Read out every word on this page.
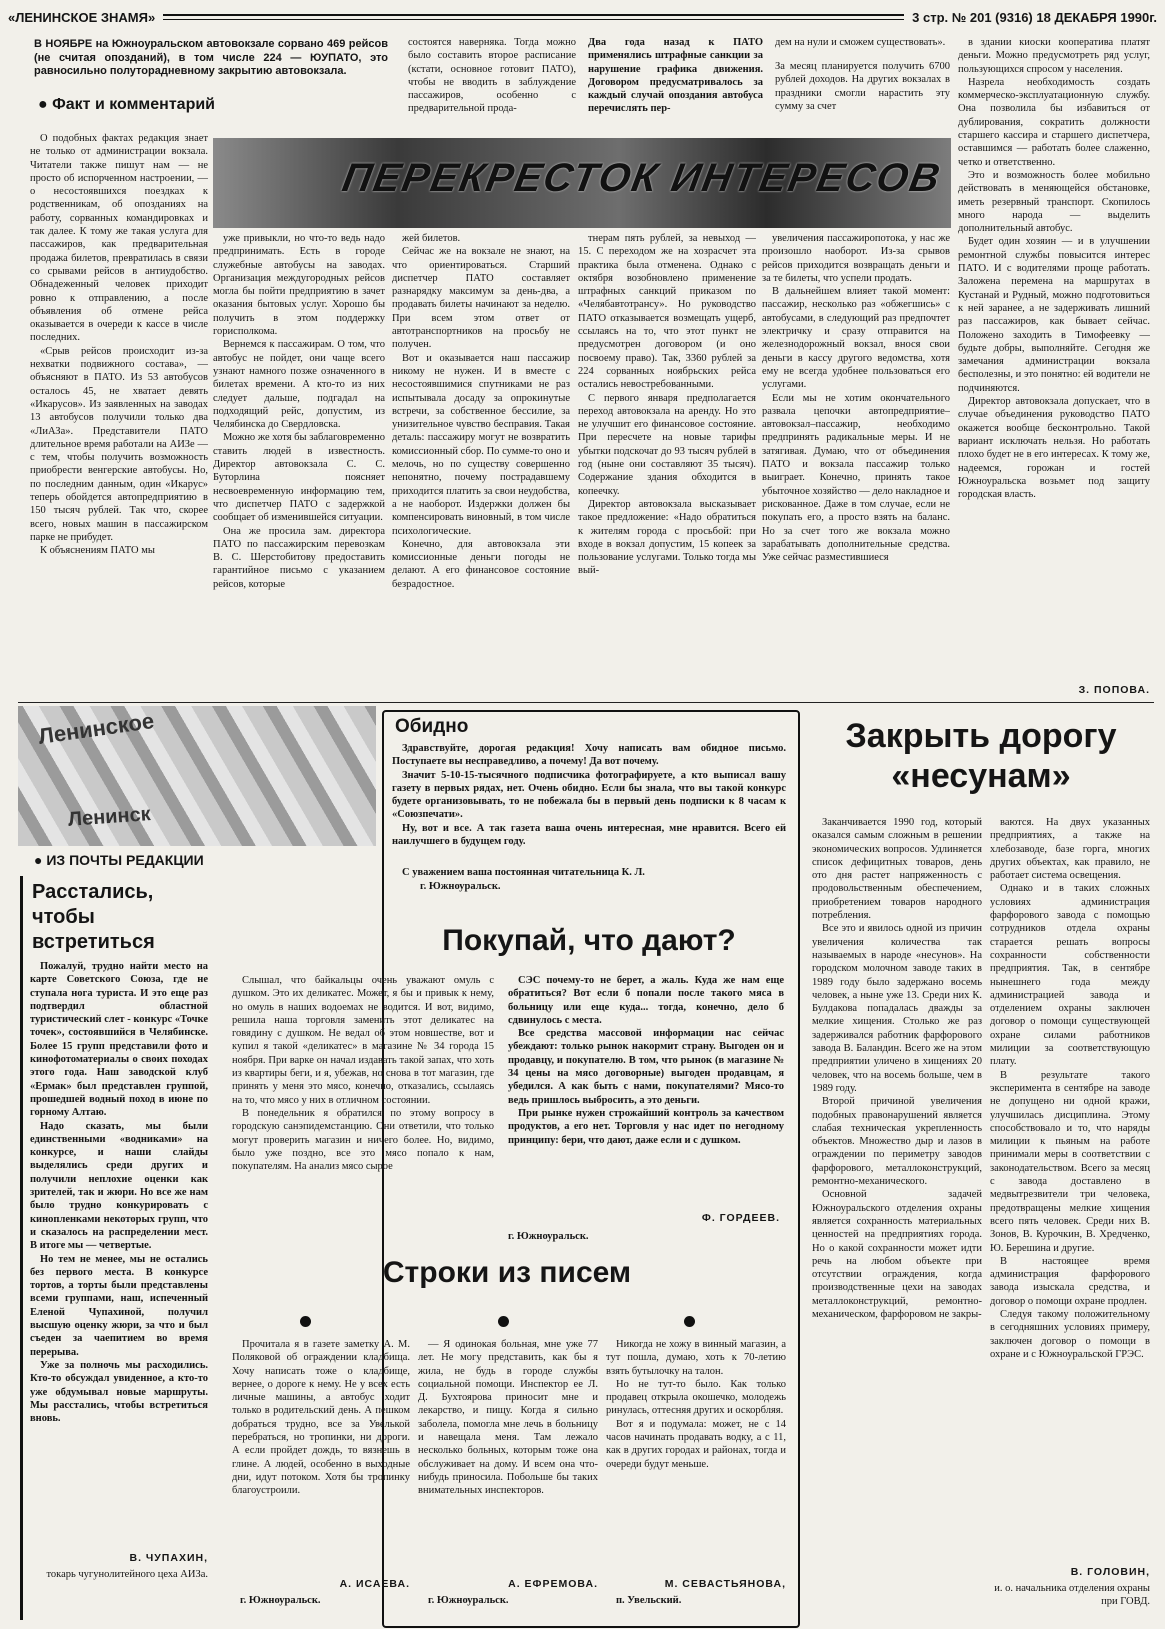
«ЛЕНИНСКОЕ ЗНАМЯ»	3 стр. № 201 (9316) 18 ДЕКАБРЯ 1990г.
В НОЯБРЕ на Южноуральском автовокзале сорвано 469 рейсов (не считая опозданий), в том числе 224 — ЮУПАТО, это равносильно полуторадневному закрытию автовокзала.
● Факт и комментарий
состоятся наверняка. Тогда можно было составить второе расписание (кстати, основное готовит ПАТО), чтобы не вводить в заблуждение пассажиров, особенно с предварительной прода-
Два года назад к ПАТО применялись штрафные санкции за нарушение графика движения. Договором предусматривалось за каждый случай опоздания автобуса перечислять пер-
дем на нули и сможем существовать».
За месяц планируется получить 6700 рублей доходов. На других вокзалах в праздники смогли нарастить эту сумму за счет
ПЕРЕКРЕСТОК ИНТЕРЕСОВ

О подобных фактах редакция знает не только от администрации вокзала. Читатели также пишут нам — не просто об испорченном настроении, — о несостоявшихся поездках к родственникам, об опозданиях на работу, сорванных командировках и так далее. К тому же такая услуга для пассажиров, как предварительная продажа билетов, превратилась в связи со срывами рейсов в антиудобство. Обнадеженный человек приходит ровно к отправлению, а после объявления об отмене рейса оказывается в очереди к кассе в числе последних.

«Срыв рейсов происходит из-за нехватки подвижного состава», — объясняют в ПАТО. Из 53 автобусов осталось 45, не хватает девять «Икарусов». Из заявленных на заводах 13 автобусов получили только два «ЛиАЗа». Представители ПАТО длительное время работали на АИЗе — с тем, чтобы получить возможность приобрести венгерские автобусы. Но, по последним данным, один «Икарус» теперь обойдется автопредприятию в 150 тысяч рублей. Так что, скорее всего, новых машин в пассажирском парке не прибудет.

К объяснениям ПАТО мы

уже привыкли, но что-то ведь надо предпринимать. Есть в городе служебные автобусы на заводах. Организация междугородных рейсов могла бы пойти предприятию в зачет оказания бытовых услуг. Хорошо бы получить в этом поддержку горисполкома.

Вернемся к пассажирам. О том, что автобус не пойдет, они чаще всего узнают намного позже означенного в билетах времени. А кто-то из них следует дальше, подгадал на подходящий рейс, допустим, из Челябинска до Свердловска.

Можно же хотя бы заблаговременно ставить людей в известность. Директор автовокзала С. С. Буторлина поясняет несвоевременную информацию тем, что диспетчер ПАТО с задержкой сообщает об изменившейся ситуации.

Она же просила зам. директора ПАТО по пассажирским перевозкам В. С. Шерстобитову предоставить гарантийное письмо с указанием рейсов, которые

жей билетов.

Сейчас же на вокзале не знают, на что ориентироваться. Старший диспетчер ПАТО составляет разнарядку максимум за день-два, а продавать билеты начинают за неделю. При всем этом ответ от автотранспортников на просьбу не получен.

Вот и оказывается наш пассажир никому не нужен. И в вместе с несостоявшимися спутниками не раз испытывала досаду за опрокинутые встречи, за собственное бессилие, за унизительное чувство бесправия. Такая деталь: пассажиру могут не возвратить комиссионный сбор. По сумме-то оно и мелочь, но по существу совершенно непонятно, почему пострадавшему приходится платить за свои неудобства, а не наоборот. Издержки должен бы компенсировать виновный, в том числе психологические.

Конечно, для автовокзала эти комиссионные деньги погоды не делают. А его финансовое состояние безрадостное.

тнерам пять рублей, за невыход — 15. С переходом же на хозрасчет эта практика была отменена. Однако с октября возобновлено применение штрафных санкций приказом по «Челябавтотрансу». Но руководство ПАТО отказывается возмещать ущерб, ссылаясь на то, что этот пункт не предусмотрен договором (и оно посвоему право). Так, 3360 рублей за 224 сорванных ноябрьских рейса остались невостребованными.

С первого января предполагается переход автовокзала на аренду. Но это не улучшит его финансовое состояние. При пересчете на новые тарифы убытки подскочат до 93 тысяч рублей в год (ныне они составляют 35 тысяч). Содержание здания обходится в копеечку.

Директор автовокзала высказывает такое предложение: «Надо обратиться к жителям города с просьбой: при входе в вокзал допустим, 15 копеек за пользование услугами. Только тогда мы вый-

увеличения пассажиропотока, у нас же произошло наоборот. Из-за срывов рейсов приходится возвращать деньги и за те билеты, что успели продать.

В дальнейшем влияет такой момент: пассажир, несколько раз «обжегшись» с автобусами, в следующий раз предпочтет электричку и сразу отправится на железнодорожный вокзал, внося свои деньги в кассу другого ведомства, хотя ему не всегда удобнее пользоваться его услугами.

Если мы не хотим окончательного развала цепочки автопредприятие–автовокзал–пассажир, необходимо предпринять радикальные меры. И не затягивая. Думаю, что от объединения ПАТО и вокзала пассажир только выиграет. Конечно, принять такое убыточное хозяйство — дело накладное и рискованное. Даже в том случае, если не покупать его, а просто взять на баланс. Но за счет того же вокзала можно зарабатывать дополнительные средства. Уже сейчас разместившиеся

в здании киоски кооператива платят деньги. Можно предусмотреть ряд услуг, пользующихся спросом у населения.

Назрела необходимость создать коммерческо-эксплуатационную службу. Она позволила бы избавиться от дублирования, сократить должности старшего кассира и старшего диспетчера, оставшимся — работать более слаженно, четко и ответственно.

Это и возможность более мобильно действовать в меняющейся обстановке, иметь резервный транспорт. Скопилось много народа — выделить дополнительный автобус.

Будет один хозяин — и в улучшении ремонтной службы повысится интерес ПАТО. И с водителями проще работать. Заложена перемена на маршрутах в Кустанай и Рудный, можно подготовиться к ней заранее, а не задерживать лишний раз пассажиров, как бывает сейчас. Положено заходить в Тимофеевку — будьте добры, выполняйте. Сегодня же замечания администрации вокзала бесполезны, и это понятно: ей водители не подчиняются.

Директор автовокзала допускает, что в случае объединения руководство ПАТО окажется вообще бесконтрольно. Такой вариант исключать нельзя. Но работать плохо будет не в его интересах. К тому же, надеемся, горожан и гостей Южноуральска возьмет под защиту городская власть.

З. ПОПОВА.
Ленинское
Ленинск
● ИЗ ПОЧТЫ РЕДАКЦИИ
Расстались, чтобы встретиться

Пожалуй, трудно найти место на карте Советского Союза, где не ступала нога туриста. И это еще раз подтвердил областной туристический слет - конкурс «Точке точек», состоявшийся в Челябинске. Более 15 групп представили фото и кинофотоматериалы о своих походах этого года. Наш заводской клуб «Ермак» был представлен группой, прошедшей водный поход в июне по горному Алтаю.

Надо сказать, мы были единственными «водниками» на конкурсе, и наши слайды выделялись среди других и получили неплохие оценки как зрителей, так и жюри. Но все же нам было трудно конкурировать с кинопленками некоторых групп, что и сказалось на распределении мест. В итоге мы — четвертые.

Но тем не менее, мы не остались без первого места. В конкурсе тортов, а торты были представлены всеми группами, наш, испеченный Еленой Чупахиной, получил высшую оценку жюри, за что и был съеден за чаепитием во время перерыва.

Уже за полночь мы расходились. Кто-то обсуждал увиденное, а кто-то уже обдумывал новые маршруты. Мы расстались, чтобы встретиться вновь.

В. ЧУПАХИН,
токарь чугунолитейного цеха АИЗа.
Обидно

Здравствуйте, дорогая редакция! Хочу написать вам обидное письмо. Поступаете вы несправедливо, а почему! Да вот почему.

Значит 5-10-15-тысячного подписчика фотографируете, а кто выписал вашу газету в первых рядах, нет. Очень обидно. Если бы знала, что вы такой конкурс будете организовывать, то не побежала бы в первый день подписки к 8 часам к «Союзпечати».

Ну, вот и все. А так газета ваша очень интересная, мне нравится. Всего ей наилучшего в будущем году.

С уважением ваша постоянная читательница К. Л.
г. Южноуральск.
Покупай, что дают?

Слышал, что байкальцы очень уважают омуль с душком. Это их деликатес. Может, я бы и привык к нему, но омуль в наших водоемах не водится. И вот, видимо, решила наша торговля заменить этот деликатес на говядину с душком. Не ведал об этом новшестве, вот и купил я такой «деликатес» в магазине № 34 города 15 ноября. При варке он начал издавать такой запах, что хоть из квартиры беги, и я, убежав, но снова в тот магазин, где принять у меня это мясо, конечно, отказались, ссылаясь на то, что мясо у них в отличном состоянии.

В понедельник я обратился по этому вопросу в городскую санэпидемстанцию. Они ответили, что только могут проверить магазин и ничего более. Но, видимо, было уже поздно, все это мясо попало к нам, покупателям. На анализ мясо сырое

СЭС почему-то не берет, а жаль. Куда же нам еще обратиться? Вот если б попали после такого мяса в больницу или еще куда... тогда, конечно, дело б сдвинулось с места.

Все средства массовой информации нас сейчас убеждают: только рынок накормит страну. Выгоден он и продавцу, и покупателю. В том, что рынок (в магазине № 34 цены на мясо договорные) выгоден продавцам, я убедился. А как быть с нами, покупателями? Мясо-то ведь пришлось выбросить, а это деньги.

При рынке нужен строжайший контроль за качеством продуктов, а его нет. Торговля у нас идет по негодному принципу: бери, что дают, даже если и с душком.

Ф. ГОРДЕЕВ.
г. Южноуральск.
Строки из писем

Прочитала я в газете заметку А. М. Поляковой об ограждении кладбища. Хочу написать тоже о кладбище, вернее, о дороге к нему. Не у всех есть личные машины, а автобус ходит только в родительский день. А пешком добраться трудно, все за Увелькой перебраться, но тропинки, ни дороги. А если пройдет дождь, то вязнешь в глине. А людей, особенно в выходные дни, идут потоком. Хотя бы тропинку благоустроили.

А. ИСАЕВА.
г. Южноуральск.

— Я одинокая больная, мне уже 77 лет. Не могу представить, как бы я жила, не будь в городе службы социальной помощи. Инспектор ее Л. Д. Бухтоярова приносит мне и лекарство, и пищу. Когда я сильно заболела, помогла мне лечь в больницу и навещала меня. Там лежало несколько больных, которым тоже она обслуживает на дому. И всем она что-нибудь приносила. Побольше бы таких внимательных инспекторов.

А. ЕФРЕМОВА.
г. Южноуральск.

Никогда не хожу в винный магазин, а тут пошла, думаю, хоть к 70-летию взять бутылочку на талон.

Но не тут-то было. Как только продавец открыла окошечко, молодежь ринулась, оттесняя других и оскорбляя.

Вот я и подумала: может, не с 14 часов начинать продавать водку, а с 11, как в других городах и районах, тогда и очереди будут меньше.

М. СЕВАСТЬЯНОВА,
п. Увельский.
Закрыть дорогу
«несунам»

Заканчивается 1990 год, который оказался самым сложным в решении экономических вопросов. Удлиняется список дефицитных товаров, день ото дня растет напряженность с продовольственным обеспечением, приобретением товаров народного потребления.

Все это и явилось одной из причин увеличения количества так называемых в народе «несунов». На городском молочном заводе таких в 1989 году было задержано восемь человек, а ныне уже 13. Среди них К. Булдакова попадалась дважды за мелкие хищения. Столько же раз задерживался работник фарфорового завода В. Баландин. Всего же на этом предприятии уличено в хищениях 20 человек, что на восемь больше, чем в 1989 году.

Второй причиной увеличения подобных правонарушений является слабая техническая укрепленность объектов. Множество дыр и лазов в ограждении по периметру заводов фарфорового, металлоконструкций, ремонтно-механического.

Основной задачей Южноуральского отделения охраны является сохранность материальных ценностей на предприятиях города. Но о какой сохранности может идти речь на любом объекте при отсутствии ограждения, когда производственные цехи на заводах металлоконструкций, ремонтно-механическом, фарфоровом не закры-

ваются. На двух указанных предприятиях, а также на хлебозаводе, базе горга, многих других объектах, как правило, не работает система освещения.

Однако и в таких сложных условиях администрация фарфорового завода с помощью сотрудников отдела охраны старается решать вопросы сохранности собственности предприятия. Так, в сентябре нынешнего года между администрацией завода и отделением охраны заключен договор о помощи существующей охране силами работников милиции за соответствующую плату.

В результате такого эксперимента в сентябре на заводе не допущено ни одной кражи, улучшилась дисциплина. Этому способствовало и то, что наряды милиции к пьяным на работе принимали меры в соответствии с законодательством. Всего за месяц с завода доставлено в медвытрезвители три человека, предотвращены мелкие хищения всего пять человек. Среди них В. Зонов, В. Курочкин, В. Хредченко, Ю. Берешина и другие.

В настоящее время администрация фарфорового завода изыскала средства, и договор о помощи охране продлен.

Следуя такому положительному в сегодняшних условиях примеру, заключен договор о помощи в охране и с Южноуральской ГРЭС.

В. ГОЛОВИН,
и. о. начальника отделения охраны при ГОВД.
